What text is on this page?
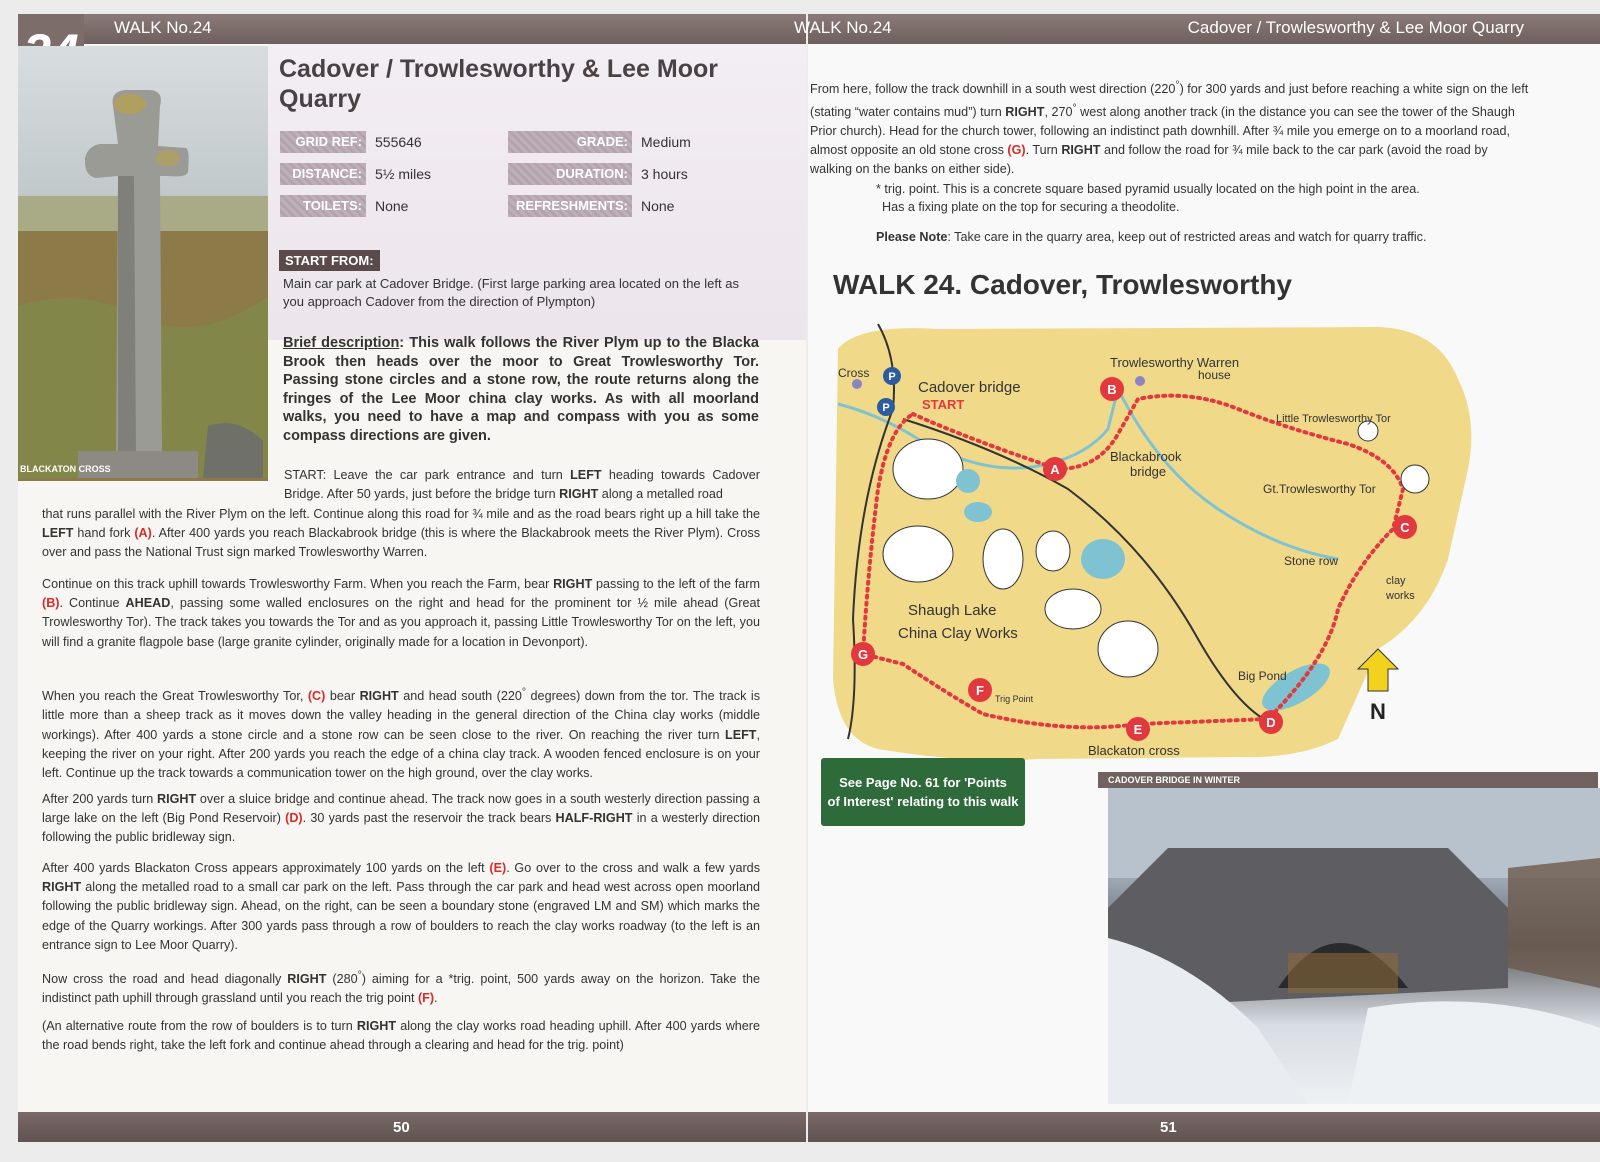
WALK No.24
BLACKATON CROSS
Cadover / Trowlesworthy & Lee Moor Quarry
GRID REF: 555646
DISTANCE: 5½ miles
TOILETS: None
GRADE: Medium
DURATION: 3 hours
REFRESHMENTS: None
START FROM:
Main car park at Cadover Bridge. (First large parking area located on the left as you approach Cadover from the direction of Plympton)
Brief description: This walk follows the River Plym up to the Blacka Brook then heads over the moor to Great Trowlesworthy Tor. Passing stone circles and a stone row, the route returns along the fringes of the Lee Moor china clay works. As with all moorland walks, you need to have a map and compass with you as some compass directions are given.

START: Leave the car park entrance and turn LEFT heading towards Cadover Bridge. After 50 yards, just before the bridge turn RIGHT along a metalled road

that runs parallel with the River Plym on the left. Continue along this road for ¾ mile and as the road bears right up a hill take the LEFT hand fork (A). After 400 yards you reach Blackabrook bridge (this is where the Blackabrook meets the River Plym). Cross over and pass the National Trust sign marked Trowlesworthy Warren.

Continue on this track uphill towards Trowlesworthy Farm. When you reach the Farm, bear RIGHT passing to the left of the farm (B). Continue AHEAD, passing some walled enclosures on the right and head for the prominent tor ½ mile ahead (Great Trowlesworthy Tor). The track takes you towards the Tor and as you approach it, passing Little Trowlesworthy Tor on the left, you will find a granite flagpole base (large granite cylinder, originally made for a location in Devonport).

When you reach the Great Trowlesworthy Tor, (C) bear RIGHT and head south (220° degrees) down from the tor. The track is little more than a sheep track as it moves down the valley heading in the general direction of the China clay works (middle workings). After 400 yards a stone circle and a stone row can be seen close to the river. On reaching the river turn LEFT, keeping the river on your right. After 200 yards you reach the edge of a china clay track. A wooden fenced enclosure is on your left. Continue up the track towards a communication tower on the high ground, over the clay works.

After 200 yards turn RIGHT over a sluice bridge and continue ahead. The track now goes in a south westerly direction passing a large lake on the left (Big Pond Reservoir) (D). 30 yards past the reservoir the track bears HALF-RIGHT in a westerly direction following the public bridleway sign.

After 400 yards Blackaton Cross appears approximately 100 yards on the left (E). Go over to the cross and walk a few yards RIGHT along the metalled road to a small car park on the left. Pass through the car park and head west across open moorland following the public bridleway sign. Ahead, on the right, can be seen a boundary stone (engraved LM and SM) which marks the edge of the Quarry workings. After 300 yards pass through a row of boulders to reach the clay works roadway (to the left is an entrance sign to Lee Moor Quarry).

Now cross the road and head diagonally RIGHT (280°) aiming for a *trig. point, 500 yards away on the horizon. Take the indistinct path uphill through grassland until you reach the trig point (F).

(An alternative route from the row of boulders is to turn RIGHT along the clay works road heading uphill. After 400 yards where the road bends right, take the left fork and continue ahead through a clearing and head for the trig. point)

50
WALK No.24	Cadover / Trowlesworthy & Lee Moor Quarry

From here, follow the track downhill in a south west direction (220°) for 300 yards and just before reaching a white sign on the left (stating “water contains mud”) turn RIGHT, 270° west along another track (in the distance you can see the tower of the Shaugh Prior church). Head for the church tower, following an indistinct path downhill. After ¾ mile you emerge on to a moorland road, almost opposite an old stone cross (G). Turn RIGHT and follow the road for ¾ mile back to the car park (avoid the road by walking on the banks on either side).

* trig. point. This is a concrete square based pyramid usually located on the high point in the area.
Has a fixing plate on the top for securing a theodolite.
Please Note: Take care in the quarry area, keep out of restricted areas and watch for quarry traffic.
WALK 24. Cadover, Trowlesworthy
A
B
C
D
E
F
G
P
P
Cross
Cadover bridge
START
Trowlesworthy Warren
house
Little Trowlesworthy Tor
Blackabrook
bridge
Gt.Trowlesworthy Tor
Stone row
clay
works
Shaugh Lake
China Clay Works
Big Pond
Trig Point
Blackaton cross
N
See Page No. 61 for 'Points
of Interest' relating to this walk
CADOVER BRIDGE IN WINTER
51
